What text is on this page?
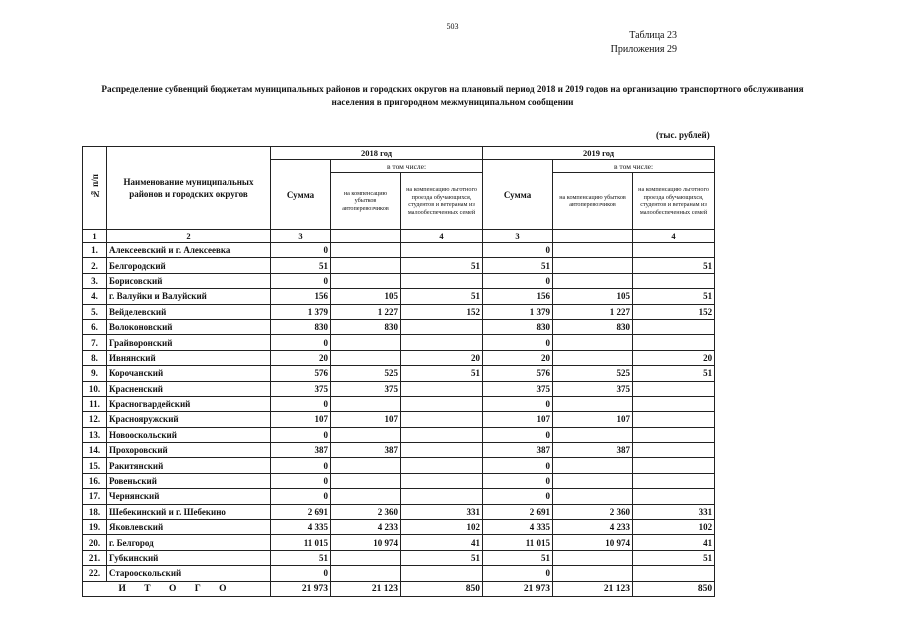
503
Таблица 23
Приложения 29
Распределение субвенций бюджетам муниципальных районов и городских округов на плановый период 2018 и 2019 годов на организацию транспортного обслуживания населения в пригородном межмуниципальном сообщении
(тыс. рублей)
№ п/п	Наименование муниципальных районов и городских округов	2018 год			2019 год		
		Сумма	в том числе:		Сумма	в том числе:	
			на компенсацию убытков автоперевозчиков	на компенсацию льготного проезда обучающихся, студентов и ветеранам из малообеспеченных семей		на компенсацию убытков автоперевозчиков	на компенсацию льготного проезда обучающихся, студентов и ветеранам из малообеспеченных семей
1	2	3		4	3		4
1.	Алексеевский и г. Алексеевка	0			0		
2.	Белгородский	51		51	51		51
3.	Борисовский	0			0		
4.	г. Валуйки и Валуйский	156	105	51	156	105	51
5.	Вейделевский	1 379	1 227	152	1 379	1 227	152
6.	Волоконовский	830	830		830	830	
7.	Грайворонский	0			0		
8.	Ивнянский	20		20	20		20
9.	Корочанский	576	525	51	576	525	51
10.	Красненский	375	375		375	375	
11.	Красногвардейский	0			0		
12.	Краснояружский	107	107		107	107	
13.	Новооскольский	0			0		
14.	Прохоровский	387	387		387	387	
15.	Ракитянский	0			0		
16.	Ровеньский	0			0		
17.	Чернянский	0			0		
18.	Шебекинский и г. Шебекино	2 691	2 360	331	2 691	2 360	331
19.	Яковлевский	4 335	4 233	102	4 335	4 233	102
20.	г. Белгород	11 015	10 974	41	11 015	10 974	41
21.	Губкинский	51		51	51		51
22.	Старооскольский	0			0		
И Т О Г О		21 973	21 123	850	21 973	21 123	850
